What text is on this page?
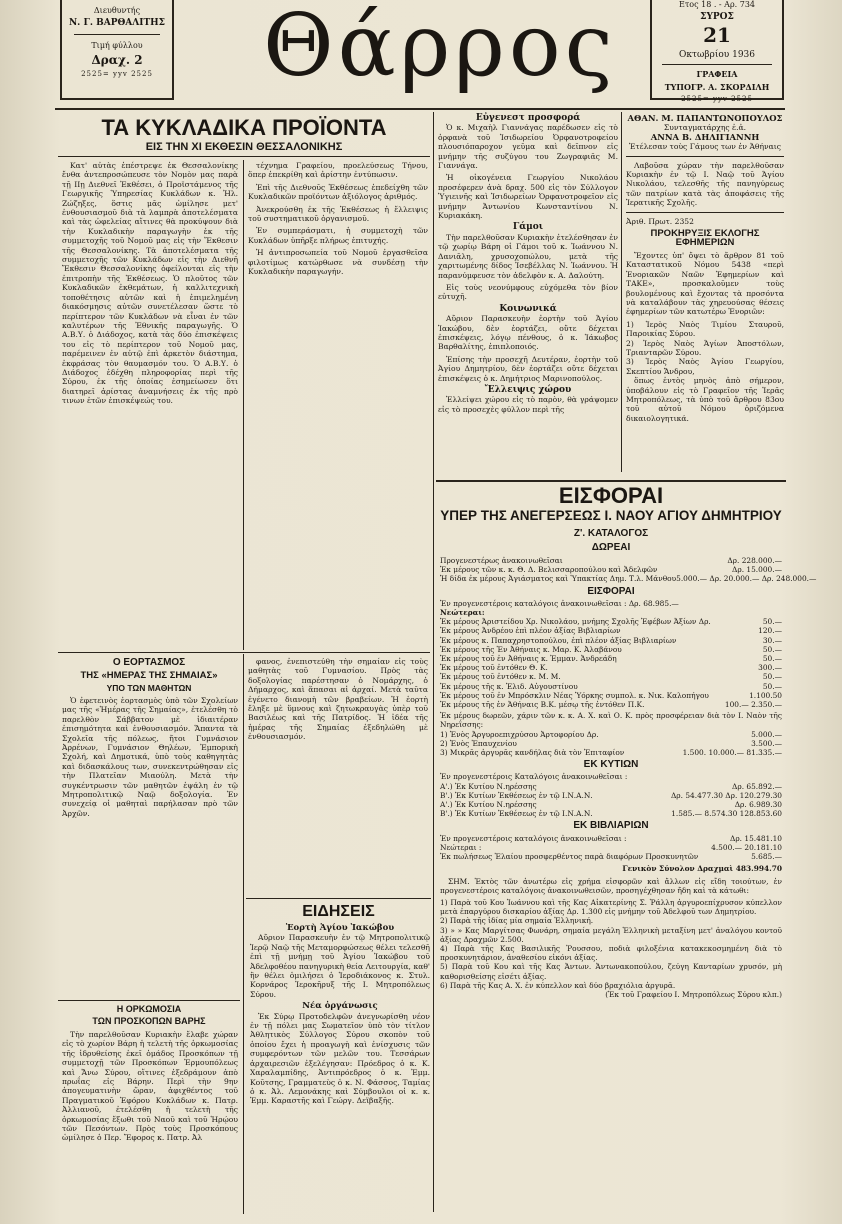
Διευθυντής
Ν. Γ. ΒΑΡΘΑΛΙΤΗΣ
Τιμή φύλλου
Δραχ. 2
2525= yyv 2525	Θάρρος	Ετος 18 . - Αρ. 734
ΣΥΡΟΣ
21
Οκτωβρίου 1936
ΓΡΑΦΕΙΑ
ΤΥΠΟΓΡ. Α. ΣΚΟΡΔΙΛΗ
2525= yyv 2525
ΤΑ ΚΥΚΛΑΔΙΚΑ ΠΡΟΪΟΝΤΑ
ΕΙΣ ΤΗΝ ΧΙ ΕΚΘΕΣΙΝ ΘΕΣΣΑΛΟΝΙΚΗΣ

Κατ' αὐτὰς ἐπέστρεψε ἐκ Θεσσαλονίκης ἔνθα ἀντεπροσώπευσε τὸν Νομὸν μας παρὰ τῇ ΙΙῃ Διεθνεῖ Ἐκθέσει, ὁ Προϊστάμενος τῆς Γεωργικῆς Ὑπηρεσίας Κυκλάδων κ. Ἠλ. Ζώζηξες, ὅστις μᾶς ὡμίλησε μετ' ἐνθουσιασμοῦ διὰ τὰ λαμπρὰ ἀποτελέσματα καὶ τὰς ὠφελείας αἵτινες θὰ προκύψουν διὰ τὴν Κυκλαδικὴν παραγωγὴν ἐκ τῆς συμμετοχῆς τοῦ Νομοῦ μας εἰς τὴν Ἔκθεσιν τῆς Θεσσαλονίκης. Τὰ ἀποτελέσματα τῆς συμμετοχῆς τῶν Κυκλάδων εἰς τὴν Διεθνῆ Ἔκθεσιν Θεσσαλονίκης ὀφείλονται εἰς τὴν ἐπιτροπὴν τῆς Ἐκθέσεως. Ὁ πλοῦτος τῶν Κυκλαδικῶν ἐκθεμάτων, ἡ καλλιτεχνικὴ τοποθέτησις αὐτῶν καὶ ἡ ἐπιμελημένη διακόσμησις αὐτῶν συνετέλεσαν ὥστε τὸ περίπτερον τῶν Κυκλάδων νὰ εἶναι ἐν τῶν καλυτέρων τῆς Ἐθνικῆς παραγωγῆς. Ὁ Α.Β.Υ. ὁ Διάδοχος, κατὰ τὰς δύο ἐπισκέψεις του εἰς τὸ περίπτερον τοῦ Νομοῦ μας, παρέμεινεν ἐν αὐτῷ ἐπὶ ἀρκετὸν διάστημα, ἐκφράσας τὸν θαυμασμόν του. Ὁ Α.Β.Υ. ὁ Διάδοχος ἐδέχθη πληροφορίας περὶ τῆς Σύρου, ἐκ τῆς ὁποίας ἐσημείωσεν ὅτι διατηρεῖ ἀρίστας ἀναμνήσεις ἐκ τῆς πρὸ τινων ἐτῶν ἐπισκέψεώς του.

τέχνημα Γραφείου, προελεύσεως Τήνου, ὅπερ ἐπεκρίθη καὶ ἀρίστην ἐντύπωσιν.

Ἐπὶ τῆς Διεθνοῦς Ἐκθέσεως ἐπεδείχθη τῶν Κυκλαδικῶν προϊόντων ἀξιόλογος ἀριθμός.

Ἀνεκρούσθη ἐκ τῆς Ἐκθέσεως ἡ ἔλλειψις τοῦ συστηματικοῦ ὀργανισμοῦ.

Ἐν συμπεράσματι, ἡ συμμετοχὴ τῶν Κυκλάδων ὑπῆρξε πλήρως ἐπιτυχής.

Ἡ ἀντιπροσωπεία τοῦ Νομοῦ ἐργασθεῖσα φιλοτίμως κατώρθωσε νὰ συνδέσῃ τὴν Κυκλαδικὴν παραγωγήν.

Εὐγενεστ προσφορά

Ὁ κ. Μιχαὴλ Γιαννάγας παρέδωσεν εἰς τὸ ὀρφανὰ τοῦ Ἰσιδωρείου Ὀρφανοτροφείου πλουσιόπαροχον γεῦμα καὶ δεῖπνον εἰς μνήμην τῆς συζύγου του Ζωγραφιᾶς Μ. Γιαννάγα.

Ἡ οἰκογένεια Γεωργίου Νικολάου προσέφερεν ἀνὰ δραχ. 500 εἰς τὸν Σύλλογον Ὑγιεινῆς καὶ Ἰσιδωρείων Ὀρφανοτροφεῖον εἰς μνήμην Ἀντωνίου Κωνσταντίνου Ν. Κυριακάκη.

Γάμοι

Τὴν παρελθοῦσαν Κυριακὴν ἐτελέσθησαν ἐν τῷ χωρίῳ Βάρη οἱ Γάμοι τοῦ κ. Ἰωάννου Ν. Δανιᾶλη, χρυσοχοπώλου, μετὰ τῆς χαριτωμένης δίδος Ἰσεβέλλας Ν. Ἰωάννου. Ἡ παρανύμφευσε τὸν ἀδελφὸν κ. Α. Δαλούτη.

Εἰς τοὺς νεονύμφους εὐχόμεθα τὸν βίον εὐτυχῆ.

Κοινωνικά

Αὔριον Παρασκευὴν ἑορτὴν τοῦ Ἁγίου Ἰακώβου, δὲν ἑορτάζει, οὔτε δέχεται ἐπισκέψεις, λόγῳ πένθους, ὁ κ. Ἰάκωβος Βαρθαλίτης, ἐπιπλοποιός.

Ἐπίσης τὴν προσεχῆ Δευτέραν, ἑορτὴν τοῦ Ἁγίου Δημητρίου, δὲν ἑορτάζει οὔτε δέχεται ἐπισκέψεις ὁ κ. Δημήτριος Μαρινοπούλος.

Ἔλλειψις χώρου

Ἐλλείψει χώρου εἰς τὸ παρὸν, θὰ γράψομεν εἰς τὸ προσεχὲς φύλλον περὶ τῆς

ΑΘΑΝ. Μ. ΠΑΠΑΝΤΩΝΟΠΟΥΛΟΣ
Συνταγματάρχης ἐ.ἀ.
ΑΝΝΑ Β. ΔΗΛΙΓΙΑΝΝΗ
Ἐτέλεσαν τοὺς Γάμους των ἐν Ἀθήναις

Λαβοῦσα χώραν τὴν παρελθοῦσαν Κυριακὴν ἐν τῷ Ι. Ναῷ τοῦ Ἁγίου Νικολάου, τελεσθῆς τῆς πανηγύρεως τῶν πατρίων κατὰ τὰς ἀποφάσεις τῆς Ἱερατικῆς Σχολῆς.

Ἀριθ. Πρωτ. 2352
ΠΡΟΚΗΡΥΞΙΣ ΕΚΛΟΓΗΣ ΕΦΗΜΕΡΙΩΝ

Ἔχοντες ὑπ' ὄψει τὸ ἄρθρον 81 τοῦ Καταστατικοῦ Νόμου 5438 «περὶ Ἐνοριακῶν Ναῶν Ἐφημερίων καὶ ΤΑΚΕ», προσκαλοῦμεν τοὺς βουλομένους καὶ ἔχοντας τὰ προσόντα νὰ καταλάβουν τὰς χηρευούσας θέσεις ἐφημερίων τῶν κατωτέρω Ἐνοριῶν:

1) Ἱερὸς Ναὸς Τιμίου Σταυροῦ, Παροικίας Σύρου.
2) Ἱερὸς Ναὸς Ἁγίων Ἀποστόλων, Τριανταρῶν Σύρου.
3) Ἱερὸς Ναὸς Ἁγίου Γεωργίου, Σκεπτίου Ἄνδρου,

ὅπως ἐντὸς μηνὸς ἀπὸ σήμερον, ὑποβάλουν εἰς τὸ Γραφεῖον τῆς Ἱερᾶς Μητροπόλεως, τὰ ὑπὸ τοῦ ἄρθρου 83ου τοῦ αὐτοῦ Νόμου ὁριζόμενα δικαιολογητικά.

Ο ΕΟΡΤΑΣΜΟΣ
ΤΗΣ «ΗΜΕΡΑΣ ΤΗΣ ΣΗΜΑΙΑΣ»
ΥΠΟ ΤΩΝ ΜΑΘΗΤΩΝ

Ὁ ἐφετεινὸς ἑορτασμὸς ὑπὸ τῶν Σχολείων μας τῆς «Ἡμέρας τῆς Σημαίας», ἐτελέσθη τὸ παρελθὸν Σάββατον μὲ ἰδιαιτέραν ἐπισημότητα καὶ ἐνθουσιασμόν. Ἅπαντα τὰ Σχολεῖα τῆς πόλεως, ἤτοι Γυμνάσιον Ἀρρένων, Γυμνάσιον Θηλέων, Ἐμπορικὴ Σχολή, καὶ Δημοτικά, ὑπὸ τοὺς καθηγητὰς καὶ διδασκάλους των, συνεκεντρώθησαν εἰς τὴν Πλατεῖαν Μιαούλη. Μετὰ τὴν συγκέντρωσιν τῶν μαθητῶν ἐψάλη ἐν τῷ Μητροπολιτικῷ Ναῷ δοξολογία. Ἐν συνεχείᾳ οἱ μαθηταὶ παρήλασαν πρὸ τῶν Ἀρχῶν.

φανος, ἐνεπιστεύθη τὴν σημαίαν εἰς τοὺς μαθητὰς τοῦ Γυμνασίου. Πρὸς τὰς δοξολογίας παρέστησαν ὁ Νομάρχης, ὁ Δήμαρχος, καὶ ἅπασαι αἱ ἀρχαί. Μετὰ ταῦτα ἐγένετο διανομὴ τῶν βραβείων. Ἡ ἑορτὴ ἔληξε μὲ ὕμνους καὶ ζητωκραυγὰς ὑπὲρ τοῦ Βασιλέως καὶ τῆς Πατρίδος. Ἡ ἰδέα τῆς ἡμέρας τῆς Σημαίας ἐξεδηλώθη μὲ ἐνθουσιασμόν.

Η ΟΡΚΩΜΟΣΙΑ
ΤΩΝ ΠΡΟΣΚΟΠΩΝ ΒΑΡΗΣ

Τὴν παρελθοῦσαν Κυριακὴν ἔλαβε χώραν εἰς τὸ χωρίον Βάρη ἡ τελετὴ τῆς ὁρκωμοσίας τῆς ἱδρυθείσης ἐκεῖ ὁμάδος Προσκόπων τῇ συμμετοχῇ τῶν Προσκόπων Ἑρμουπόλεως καὶ Ἄνω Σύρου, οἵτινες ἐξεδράμουν ἀπὸ πρωΐας εἰς Βάρην. Περὶ τὴν 9ην ἀπογευματινὴν ὥραν, ἀφιχθέντος τοῦ Πραγματικοῦ Ἐφόρου Κυκλάδων κ. Πατρ. Ἀλλιανοῦ, ἐτελέσθη ἡ τελετὴ τῆς ὁρκωμοσίας ἔξωθι τοῦ Ναοῦ καὶ τοῦ Ἡρῴου τῶν Πεσόντων. Πρὸς τοὺς Προσκόπους ὡμίλησε ὁ Περ. Ἔφορος κ. Πατρ. Ἀλ

ΕΙΔΗΣΕΙΣ
Ἑορτὴ Ἁγίου Ἰακώβου

Αὔριον Παρασκευὴν ἐν τῷ Μητροπολιτικῷ Ἱερῷ Ναῷ τῆς Μεταμορφώσεως θέλει τελεσθῆ ἐπὶ τῇ μνήμῃ τοῦ Ἁγίου Ἰακώβου τοῦ Ἀδελφοθέου πανηγυρικὴ θεία Λειτουργία, καθ' ἣν θέλει ὁμιλήσει ὁ Ἱεροδιάκονος κ. Στυλ. Κορνάρος Ἱεροκῆρυξ τῆς Ι. Μητροπόλεως Σύρου.

Νέα ὀργάνωσις

Ἐκ Σύρῳ Προτοδελφῶν ἀνεγνωρίσθη νέον ἐν τῇ πόλει μας Σωματεῖον ὑπὸ τὸν τίτλον Ἀθλητικὸς Σύλλογος Σύρου σκοπὸν τοῦ ὁποίου ἔχει ἡ προαγωγὴ καὶ ἐνίσχυσις τῶν συμφερόντων τῶν μελῶν του. Τεσσάρων ἀρχαιρεσιῶν ἐξελέγησαν: Πρόεδρος ὁ κ. Κ. Χαραλαμπίδης, Ἀντιπρόεδρος ὁ κ. Ἐμμ. Κοῦτσης, Γραμματεὺς ὁ κ. Ν. Φάσσος, Ταμίας ὁ κ. Ἀλ. Λεμονάκης καὶ Σύμβουλοι οἱ κ. κ. Ἐμμ. Καραστῆς καὶ Γεώργ. Δεϊβαξῆς.

ΕΙΣΦΟΡΑΙ
ΥΠΕΡ ΤΗΣ ΑΝΕΓΕΡΣΕΩΣ Ι. ΝΑΟΥ ΑΓΙΟΥ ΔΗΜΗΤΡΙΟΥ
Ζ'. ΚΑΤΑΛΟΓΟΣ
ΔΩΡΕΑΙ
Προγενεστέρως ἀνακοινωθεῖσαι	Δρ. 228.000.—
Ἐκ μέρους τῶν κ. κ. Θ. Δ. Βελισσαροπούλου καὶ Ἀδελφῶν	Δρ. 15.000.—
Ἡ δίδα ἐκ μέρους Ἀγιάσματος καὶ Ὑπακτίας Δημ. Τ.λ. Μάνθου 5.000.— Δρ. 20.000.— Δρ. 248.000.—
ΕΙΣΦΟΡΑΙ
Ἐν προγενεστέροις καταλόγοις ἀνακοινωθεῖσαι : Δρ. 68.985.—
Νεώτεραι:
Ἐκ μέρους Ἀριστείδου Χρ. Νικολάου, μνήμης Σχολῆς Ἐφέβων Ἀξίων Δρ.	50.—
Ἐκ μέρους Ἀνδρέου ἐπὶ πλέον ἀξίας Βιβλιαρίων	120.—
Ἐκ μέρους κ. Παπαχρηστοπούλου, ἐπὶ πλέον ἀξίας Βιβλιαρίων	30.—
Ἐκ μέρους τῆς Ἐν Ἀθήναις κ. Μαρ. Κ. Ἀλαβάνου	50.—
Ἐκ μέρους τοῦ ἐν Ἀθήναις κ. Ἐμμαν. Ἀνδρεάδη	50.—
Ἐκ μέρους τοῦ ἐντόθεν Θ. Κ.	300.—
Ἐκ μέρους τοῦ ἐντόθεν κ. Μ. Μ.	50.—
Ἐκ μέρους τῆς κ. Ἐλιδ. Αὐγουστίνου	50.—
Ἐκ μέρους τοῦ ἐν Μπρόσκλιν Νέας Ὑόρκης συμπολ. κ. Νικ. Καλοπήγου	1.100.50
Ἐκ μέρους τῆς ἐν Ἀθήναις Β.Κ. μέσῳ τῆς ἐντόθεν Π.Κ.	100.— 2.350.—
Ἐκ μέρους δωρεῶν, χάριν τῶν κ. κ. Α. Χ. καὶ Ο. Κ. πρὸς προσφέρειαν διὰ τὸν Ι. Ναὸν τῆς Νηρεΐσσης:
1) Ἑνὸς Ἀργυροεπιχρύσου Ἀρτοφορίου Δρ.	5.000.—
2) Ἑνὸς Ἐπαυχενίου	3.500.—
3) Μικρᾶς ἀργυρᾶς κανδήλας διὰ τὸν Ἐπιταφίον	1.500. 10.000.— 81.335.—
ΕΚ ΚΥΤΙΩΝ
Ἐν προγενεστέροις Καταλόγοις ἀνακοινωθεῖσαι :
Α'.) Ἐκ Κυτίου Ν.ηρέσσης	Δρ. 65.892.—
Β'.) Ἐκ Κυτίων Ἐκθέσεως ἐν τῷ Ι.Ν.Α.Ν.	Δρ. 54.477.30 Δρ. 120.279.30
Α'.) Ἐκ Κυτίου Ν.ηρέσσης	Δρ. 6.989.30
Β'.) Ἐκ Κυτίων Ἐκθέσεως ἐν τῷ Ι.Ν.Α.Ν.	1.585.— 8.574.30 128.853.60
ΕΚ ΒΙΒΛΙΑΡΙΩΝ
Ἐν προγενεστέροις καταλόγοις ἀνακοινωθεῖσαι :	Δρ. 15.481.10
Νεώτεραι :	4.500.— 20.181.10
Ἐκ πωλήσεως Ἐλαίου προσφερθέντος παρὰ διαφόρων Προσκυνητῶν	5.685.—
Γενικὸν Σύνολον Δραχμαὶ 483.994.70

ΣΗΜ. Ἐκτὸς τῶν ἀνωτέρω εἰς χρήμα εἰσφορῶν καὶ ἄλλων εἰς εἴδη τοιούτων, ἐν προγενεστέροις καταλόγοις ἀνακοινωθεισῶν, προσηγέχθησαν ἤδη καὶ τὰ κάτωθι:

1) Παρὰ τοῦ Κου Ἰωάννου καὶ τῆς Κας Αἰκατερίνης Σ. Ῥάλλη ἀργυροεπίχρυσον κύπελλον μετὰ ἐπαργύρου δισκαρίου ἀξίας Δρ. 1.300 εἰς μνήμην τοῦ Ἀδελφοῦ των Δημητρίου.
2) Παρὰ τῆς ἰδίας μία σημαία Ἑλληνική.
3) » » Κας Μαργίτσας Φωνάρη, σημαία μεγάλη Ἑλληνικὴ μεταξίνη μετ' ἀναλόγου κοντοῦ ἀξίας Δραχμῶν 2.500.
4) Παρὰ τῆς Κας Βασιλικῆς Ῥουσσου, ποδιὰ φιλοξένια κατακεκοσμημένη διὰ τὸ προσκυνητάριον, ἀναθεσίου εἰκόνι ἀξίας.
5) Παρὰ τοῦ Κου καὶ τῆς Κας Ἀντων. Ἀντωνακοπούλου, ζεύγη Κανταρίων χρυσόν, μὴ καθορισθείσης εἰσέτι ἀξίας.
6) Παρὰ τῆς Κας Α. Χ. ἐν κύπελλον καὶ δύο βραχιόλια ἀργυρᾶ.
(Ἐκ τοῦ Γραφείου Ι. Μητροπόλεως Σύρου κλπ.)
